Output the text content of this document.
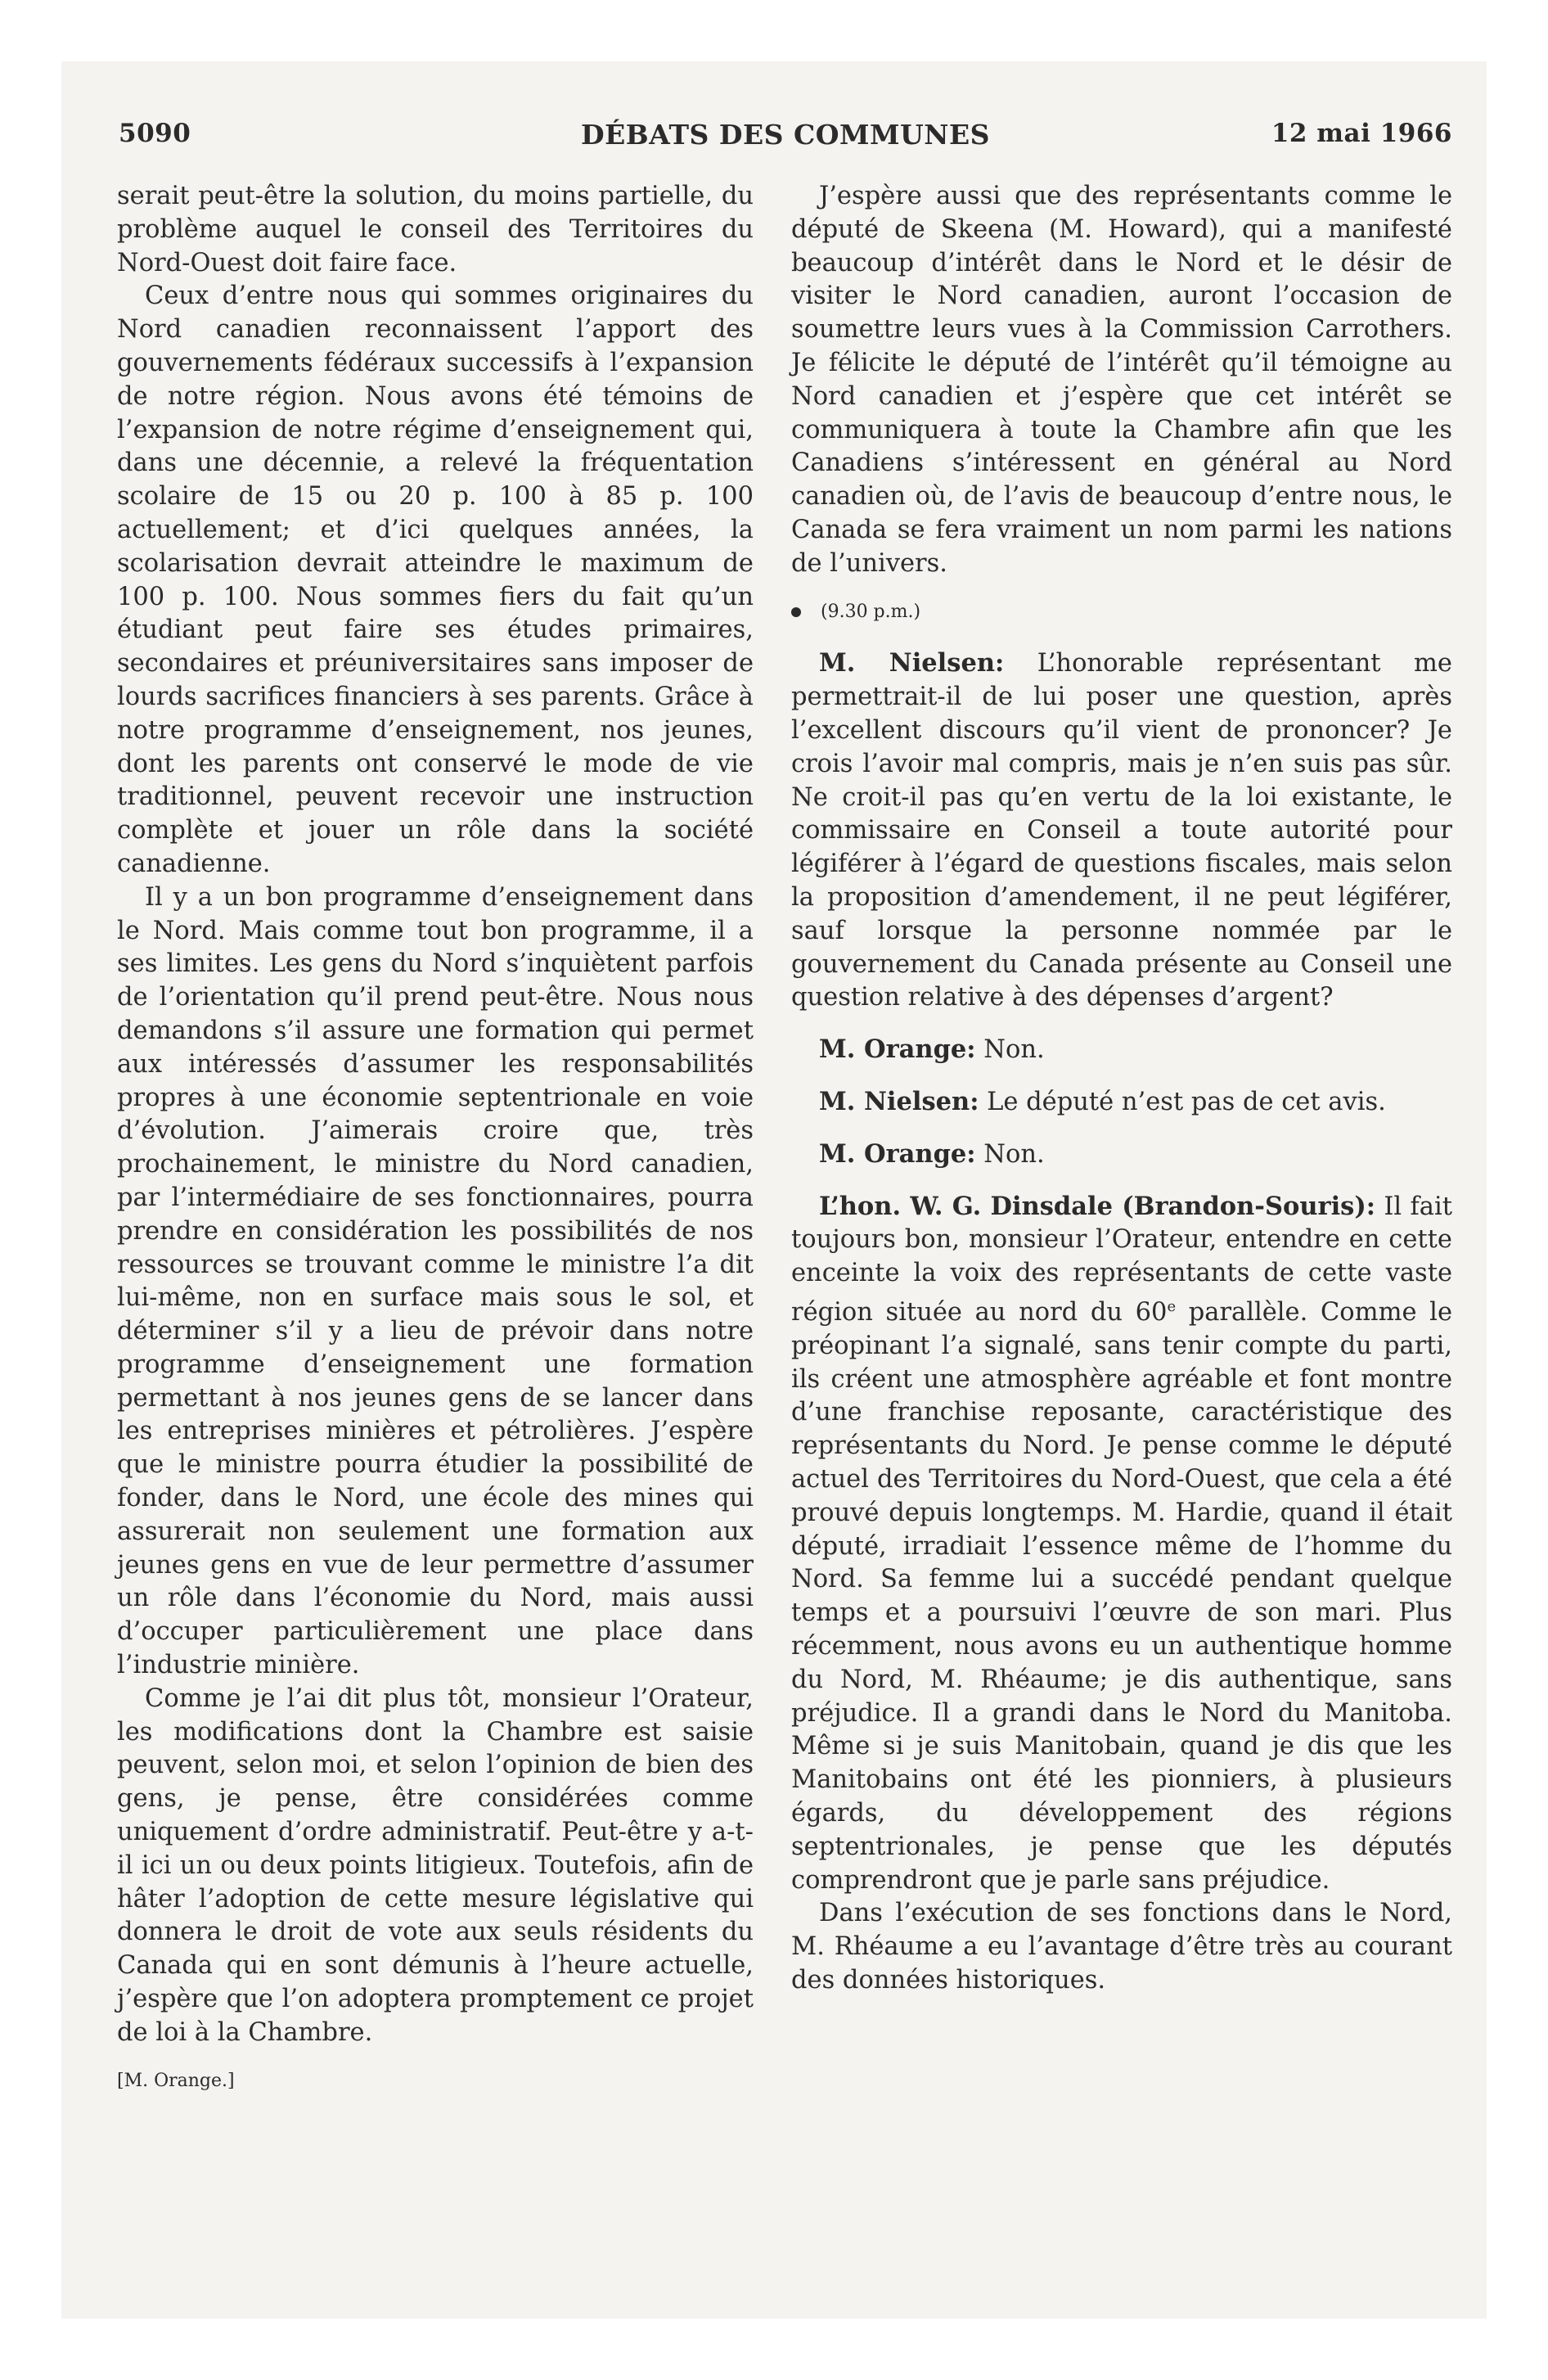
5090	DÉBATS DES COMMUNES	12 mai 1966

serait peut-être la solution, du moins partielle, du problème auquel le conseil des Territoires du Nord-Ouest doit faire face.

Ceux d’entre nous qui sommes originaires du Nord canadien reconnaissent l’apport des gouvernements fédéraux successifs à l’expansion de notre région. Nous avons été témoins de l’expansion de notre régime d’enseignement qui, dans une décennie, a relevé la fréquentation scolaire de 15 ou 20 p. 100 à 85 p. 100 actuellement; et d’ici quelques années, la scolarisation devrait atteindre le maximum de 100 p. 100. Nous sommes fiers du fait qu’un étudiant peut faire ses études primaires, secondaires et préuniversitaires sans imposer de lourds sacrifices financiers à ses parents. Grâce à notre programme d’enseignement, nos jeunes, dont les parents ont conservé le mode de vie traditionnel, peuvent recevoir une instruction complète et jouer un rôle dans la société canadienne.

Il y a un bon programme d’enseignement dans le Nord. Mais comme tout bon programme, il a ses limites. Les gens du Nord s’inquiètent parfois de l’orientation qu’il prend peut-être. Nous nous demandons s’il assure une formation qui permet aux intéressés d’assumer les responsabilités propres à une économie septentrionale en voie d’évolution. J’aimerais croire que, très prochainement, le ministre du Nord canadien, par l’intermédiaire de ses fonctionnaires, pourra prendre en considération les possibilités de nos ressources se trouvant comme le ministre l’a dit lui-même, non en surface mais sous le sol, et déterminer s’il y a lieu de prévoir dans notre programme d’enseignement une formation permettant à nos jeunes gens de se lancer dans les entreprises minières et pétrolières. J’espère que le ministre pourra étudier la possibilité de fonder, dans le Nord, une école des mines qui assurerait non seulement une formation aux jeunes gens en vue de leur permettre d’assumer un rôle dans l’économie du Nord, mais aussi d’occuper particulièrement une place dans l’industrie minière.

Comme je l’ai dit plus tôt, monsieur l’Orateur, les modifications dont la Chambre est saisie peuvent, selon moi, et selon l’opinion de bien des gens, je pense, être considérées comme uniquement d’ordre administratif. Peut-être y a-t-il ici un ou deux points litigieux. Toutefois, afin de hâter l’adoption de cette mesure législative qui donnera le droit de vote aux seuls résidents du Canada qui en sont démunis à l’heure actuelle, j’espère que l’on adoptera promptement ce projet de loi à la Chambre.

[M. Orange.]

J’espère aussi que des représentants comme le député de Skeena (M. Howard), qui a manifesté beaucoup d’intérêt dans le Nord et le désir de visiter le Nord canadien, auront l’occasion de soumettre leurs vues à la Commission Carrothers. Je félicite le député de l’intérêt qu’il témoigne au Nord canadien et j’espère que cet intérêt se communiquera à toute la Chambre afin que les Canadiens s’intéressent en général au Nord canadien où, de l’avis de beaucoup d’entre nous, le Canada se fera vraiment un nom parmi les nations de l’univers.

(9.30 p.m.)

M. Nielsen: L’honorable représentant me permettrait-il de lui poser une question, après l’excellent discours qu’il vient de prononcer? Je crois l’avoir mal compris, mais je n’en suis pas sûr. Ne croit-il pas qu’en vertu de la loi existante, le commissaire en Conseil a toute autorité pour légiférer à l’égard de questions fiscales, mais selon la proposition d’amendement, il ne peut légiférer, sauf lorsque la personne nommée par le gouvernement du Canada présente au Conseil une question relative à des dépenses d’argent?

M. Orange: Non.

M. Nielsen: Le député n’est pas de cet avis.

M. Orange: Non.

L’hon. W. G. Dinsdale (Brandon-Souris): Il fait toujours bon, monsieur l’Orateur, entendre en cette enceinte la voix des représentants de cette vaste région située au nord du 60e parallèle. Comme le préopinant l’a signalé, sans tenir compte du parti, ils créent une atmosphère agréable et font montre d’une franchise reposante, caractéristique des représentants du Nord. Je pense comme le député actuel des Territoires du Nord-Ouest, que cela a été prouvé depuis longtemps. M. Hardie, quand il était député, irradiait l’essence même de l’homme du Nord. Sa femme lui a succédé pendant quelque temps et a poursuivi l’œuvre de son mari. Plus récemment, nous avons eu un authentique homme du Nord, M. Rhéaume; je dis authentique, sans préjudice. Il a grandi dans le Nord du Manitoba. Même si je suis Manitobain, quand je dis que les Manitobains ont été les pionniers, à plusieurs égards, du développement des régions septentrionales, je pense que les députés comprendront que je parle sans préjudice.

Dans l’exécution de ses fonctions dans le Nord, M. Rhéaume a eu l’avantage d’être très au courant des données historiques.
